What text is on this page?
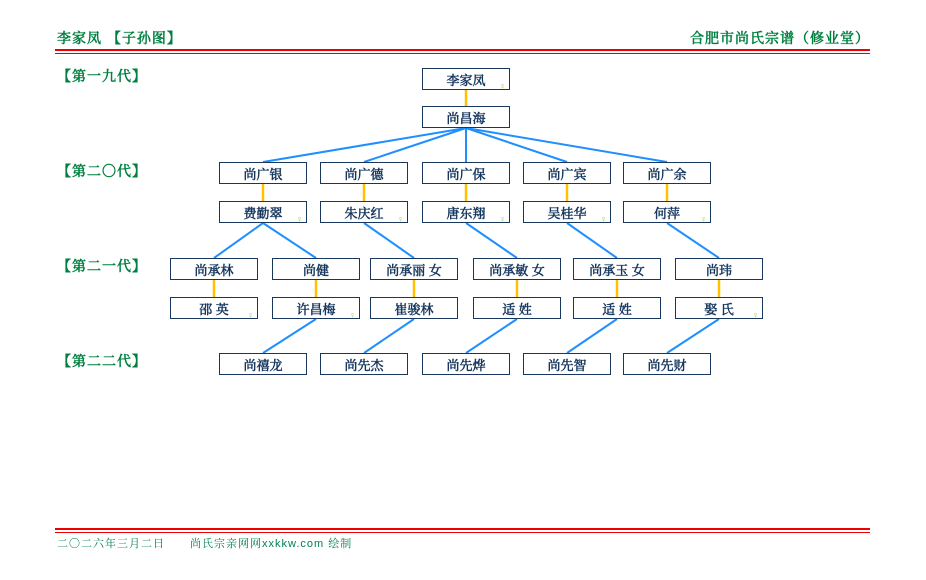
李家凤 【子孙图】	合肥市尚氏宗谱（修业堂）
【第一九代】
【第二〇代】
【第二一代】
【第二二代】
李家凤 ♀
尚昌海
尚广银	尚广德	尚广保	尚广宾	尚广余
费勤翠 ♀	朱庆红 ♀	唐东翔 ♀	吴桂华 ♀	何萍 ♀
尚承林	尚健	尚承丽 女	尚承敏 女	尚承玉 女	尚玮
邵 英 ♀	许昌梅 ♀	崔骏林	适 姓	适 姓	娶 氏 ♀
尚禧龙	尚先杰	尚先烨	尚先智	尚先财
二〇二六年三月二日 尚氏宗亲网网xxkkw.com 绘制
